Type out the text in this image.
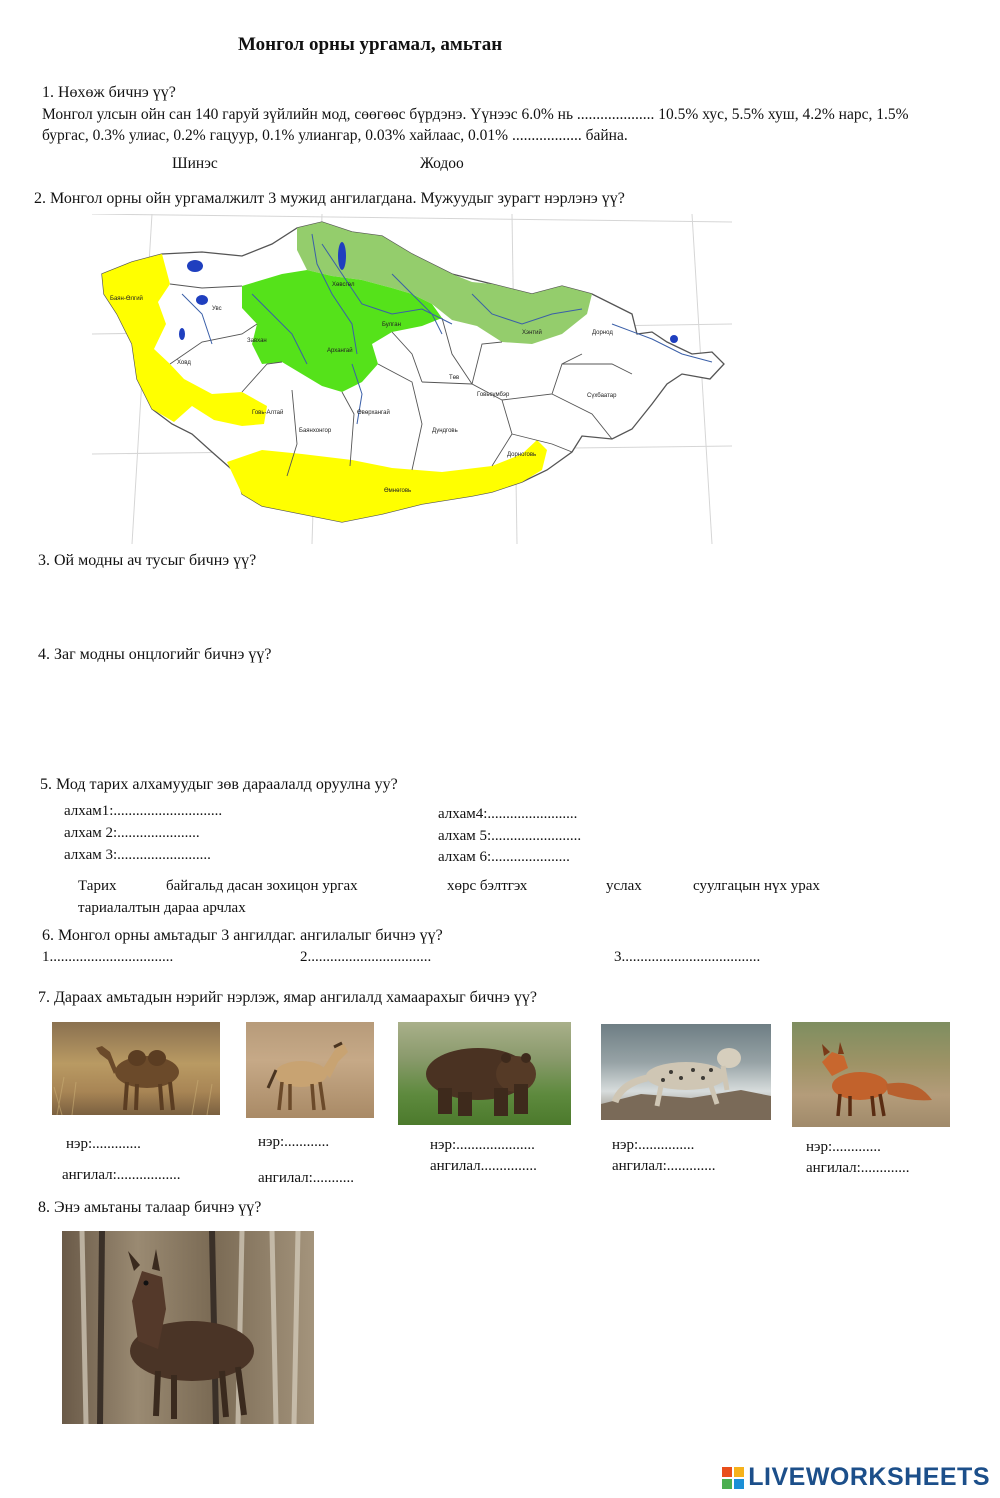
Монгол орны ургамал, амьтан
1. Нөхөж бичнэ үү?
Монгол улсын ойн сан 140 гаруй зүйлийн мод, сөөгөөс бүрдэнэ. Үүнээс 6.0% нь .................... 10.5% хус, 5.5% хуш, 4.2% нарс, 1.5% бургас, 0.3% улиас, 0.2% гацуур, 0.1% улиангар, 0.03% хайлаас, 0.01% .................. байна.
Шинэс	Жодоо
2. Монгол орны ойн ургамалжилт 3 мужид ангилагдана. Мужуудыг зурагт нэрлэнэ үү?
Ховд
Завхан
Говь-Алтай
Баянхонгор
Өвөрхангай
Дундговь
Өмнөговь
Дорноговь
Сүхбаатар
Дорнод
Хэнтий
Төв
Булган
Хөвсгөл
Архангай
Увс
Баян-Өлгий
Говьсүмбэр
3. Ой модны ач тусыг бичнэ үү?
4. Заг модны онцлогийг бичнэ үү?
5. Мод тарих алхамуудыг зөв дараалалд оруулна уу?
алхам1:.............................
алхам 2:......................
алхам 3:.........................
алхам4:........................
алхам 5:........................
алхам 6:.....................
Тарих	байгальд дасан зохицон ургах	хөрс бэлтгэх	услах	суулгацын нүх урах
тариалалтын дараа арчлах
6. Монгол орны амьтадыг 3 ангилдаг. ангилалыг бичнэ үү?
1.................................	2.................................	3.....................................
7. Дараах амьтадын нэрийг нэрлэж, ямар ангилалд хамаарахыг бичнэ үү?
нэр:.............
ангилал:.................
нэр:............
ангилал:...........
нэр:.....................
ангилал...............
нэр:...............
ангилал:.............
нэр:.............
ангилал:.............
8. Энэ амьтаны талаар бичнэ үү?
LIVEWORKSHEETS
